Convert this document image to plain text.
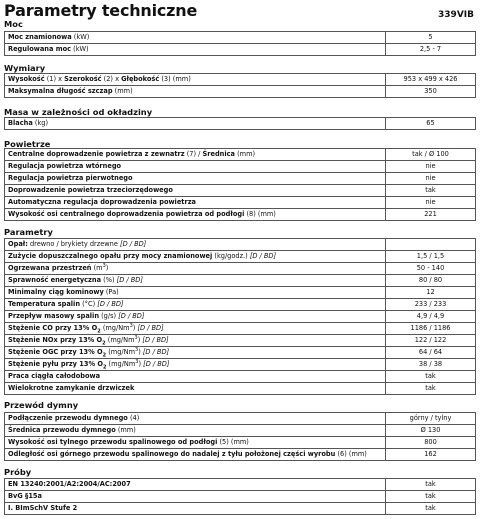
Parametry techniczne	339VIB
Moc
Moc znamionowa (kW)	5
Regulowana moc (kW)	2,5 - 7
Wymiary
Wysokość (1) x Szerokość (2) x Głębokość (3) (mm)	953 x 499 x 426
Maksymalna długość szczap (mm)	350
Masa w zależności od okładziny
Blacha (kg)	65
Powietrze
Centralne doprowadzenie powietrza z zewnatrz (7) / Średnica (mm)	tak / Ø 100
Regulacja powietrza wtórnego	nie
Regulacja powietrza pierwotnego	nie
Doprowadzenie powietrza trzeciorzędowego	tak
Automatyczna regulacja doprowadzenia powietrza	nie
Wysokość osi centralnego doprowadzenia powietrza od podłogi (8) (mm)	221
Parametry
Opał: drewno / brykiety drzewne [D / BD]	
Zużycie dopuszczalnego opału przy mocy znamionowej (kg/godz.) [D / BD]	1,5 / 1,5
Ogrzewana przestrzeń $(m^3)$	50 - 140
Sprawność energetyczna (%) [D / BD]	80 / 80
Minimalny ciąg kominowy (Pa)	12
Temperatura spalin (°C) [D / BD]	233 / 233
Przepływ masowy spalin (g/s) [D / BD]	4,9 / 4,9
Stężenie CO przy 13% $O_2$ (mg/Nm$^3$) [D / BD]	1186 / 1186
Stężenie NOx przy 13% $O_2$ (mg/Nm$^3$) [D / BD]	122 / 122
Stężenie OGC przy 13% $O_2$ (mg/Nm$^3$) [D / BD]	64 / 64
Stężenie pyłu przy 13% $O_2$ (mg/Nm$^3$) [D / BD]	38 / 38
Praca ciągła całodobowa	tak
Wielokrotne zamykanie drzwiczek	tak
Przewód dymny
Podłączenie przewodu dymnego (4)	górny / tylny
Średnica przewodu dymnego (mm)	Ø 130
Wysokość osi tylnego przewodu spalinowego od podłogi (5) (mm)	800
Odległość osi górnego przewodu spalinowego do nadalej z tyłu położonej części wyrobu (6) (mm)	162
Próby
EN 13240:2001/A2:2004/AC:2007	tak
BvG §15a	tak
I. BImSchV Stufe 2	tak
